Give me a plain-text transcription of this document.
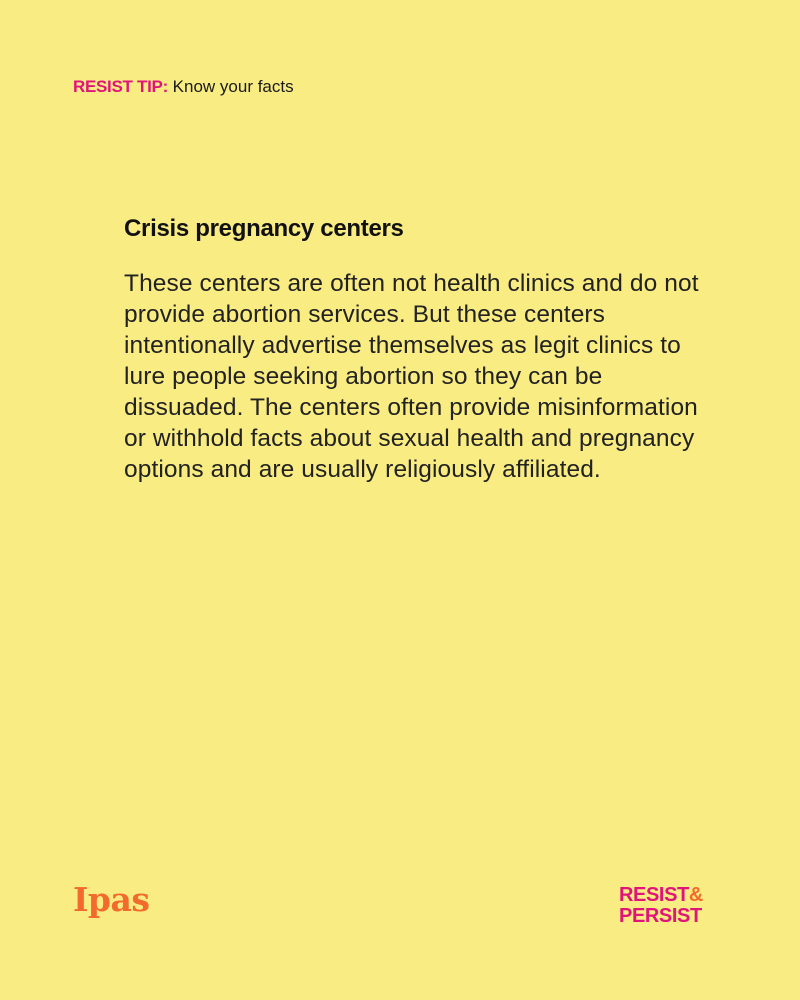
RESIST TIP: Know your facts
Crisis pregnancy centers

These centers are often not health clinics and do not provide abortion services. But these centers intentionally advertise themselves as legit clinics to lure people seeking abortion so they can be dissuaded. The centers often provide misinformation or withhold facts about sexual health and pregnancy options and are usually religiously affiliated.

Ipas	RESIST&
PERSIST
